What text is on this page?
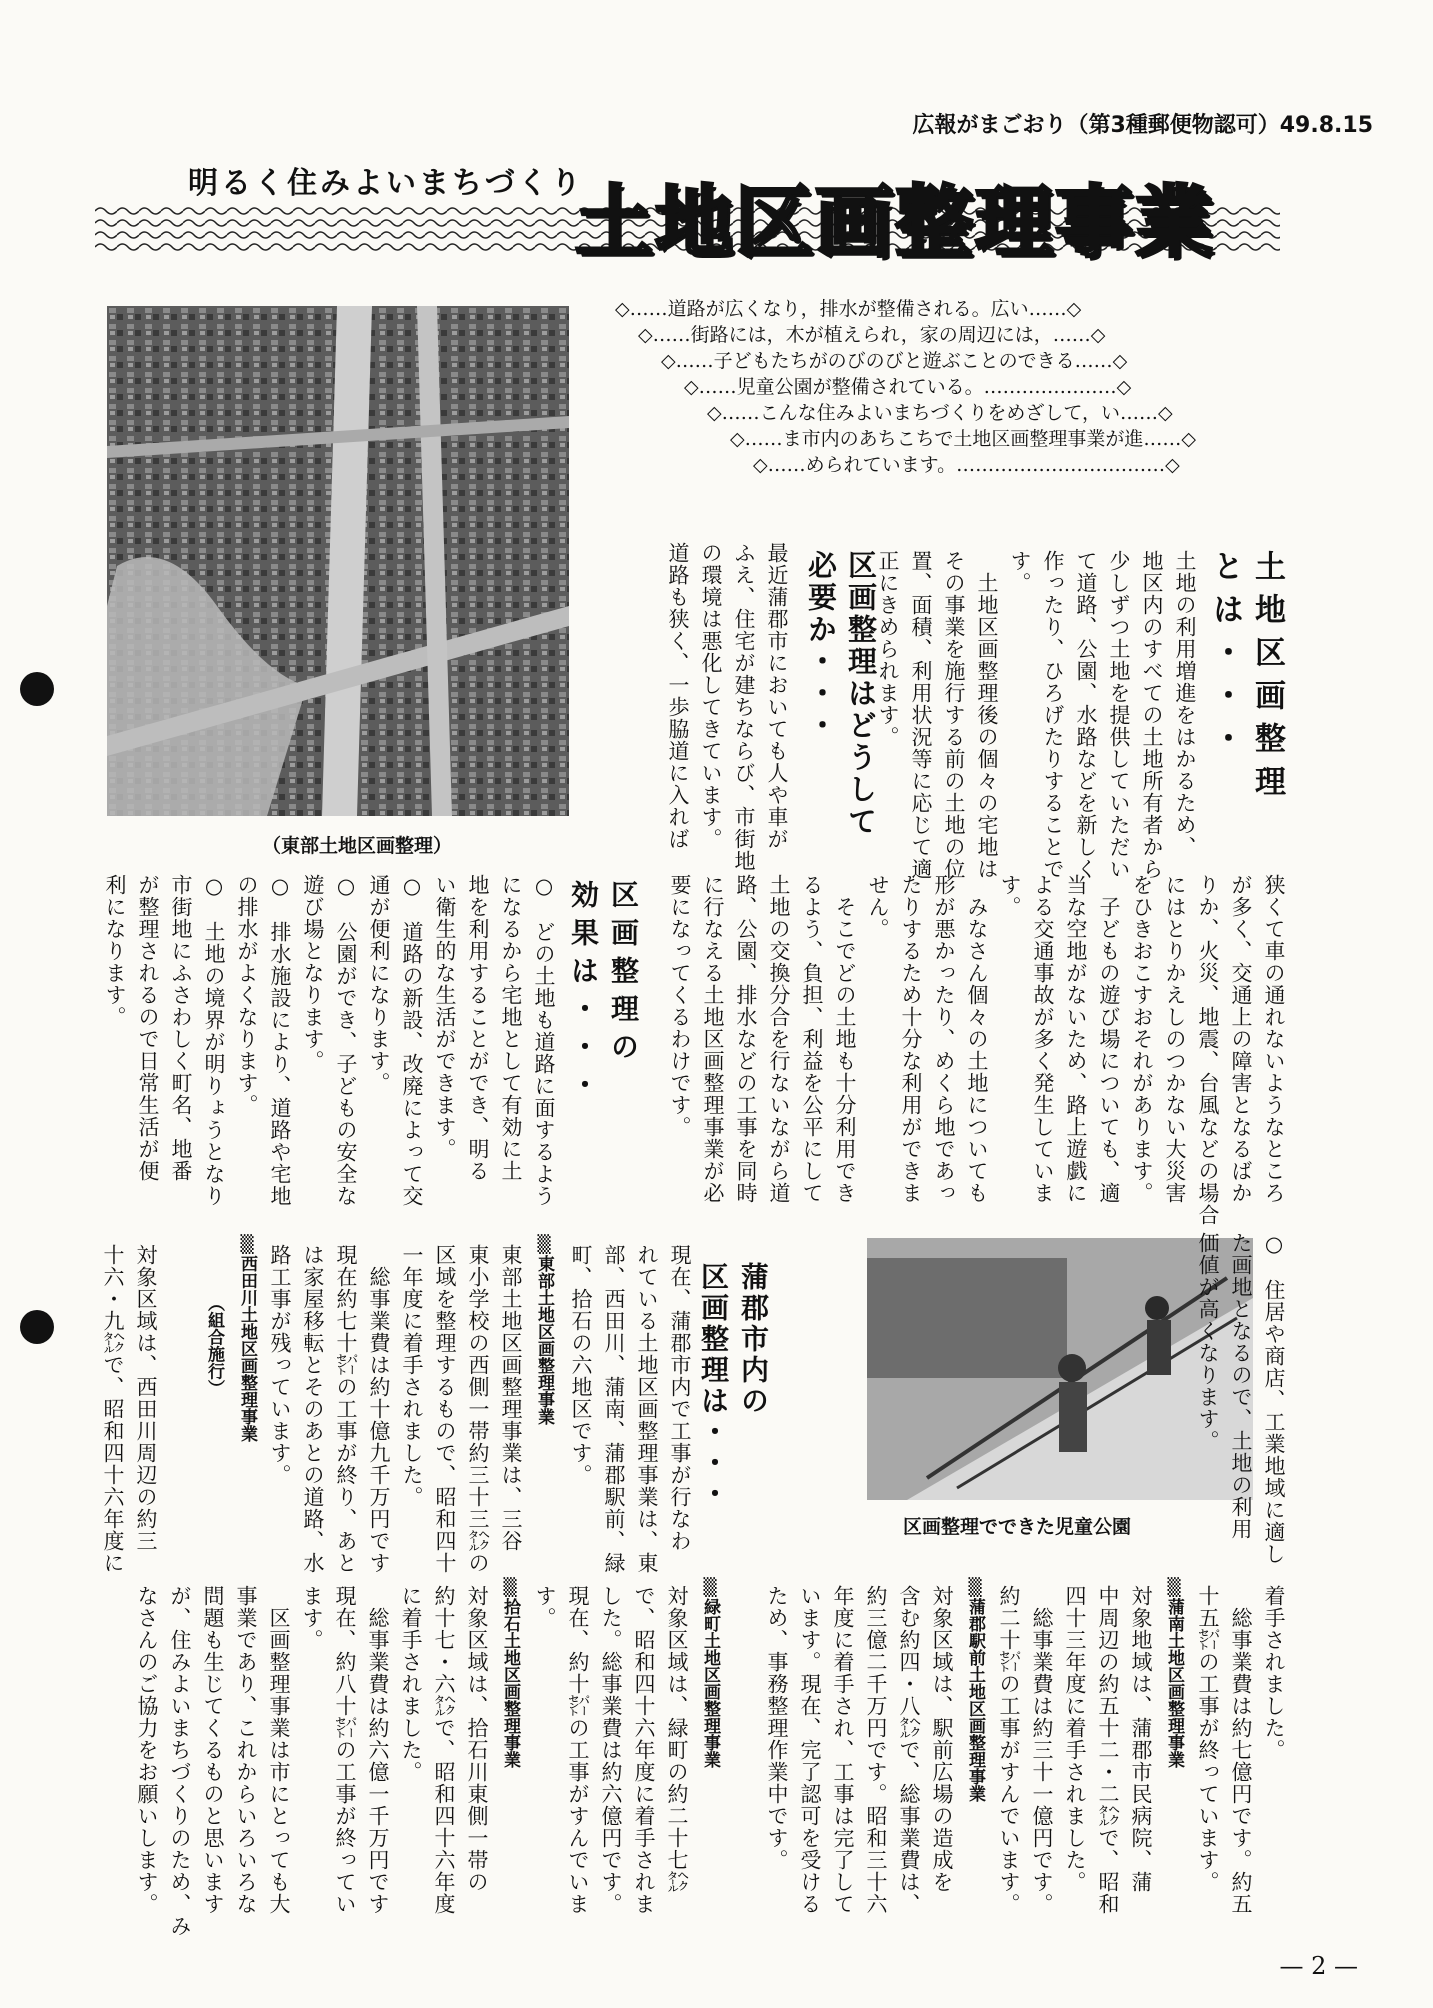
広報がまごおり（第3種郵便物認可）49.8.15
明るく住みよいまちづくり
土地区画整理事業
◇……道路が広くなり，排水が整備される。広い……◇
◇……街路には，木が植えられ，家の周辺には，……◇
◇……子どもたちがのびのびと遊ぶことのできる……◇
◇……児童公園が整備されている。…………………◇
◇……こんな住みよいまちづくりをめざして，い……◇
◇……ま市内のあちこちで土地区画整理事業が進……◇
◇……められています。……………………………◇
（東部土地区画整理）
区画整理でできた児童公園
土地区画整理
とは・・・
土地の利用増進をはかるため、
地区内のすべての土地所有者から
少しずつ土地を提供していただい
て道路、公園、水路などを新しく
作ったり、ひろげたりすることで
す。
　土地区画整理後の個々の宅地は
その事業を施行する前の土地の位
置、面積、利用状況等に応じて適
正にきめられます。
区画整理はどうして
必要か・・・
最近蒲郡市においても人や車が
ふえ、住宅が建ちならび、市街地
の環境は悪化してきています。
道路も狭く、一歩脇道に入れば
狭くて車の通れないようなところ
が多く、交通上の障害となるばか
りか、火災、地震、台風などの場合
にはとりかえしのつかない大災害
をひきおこすおそれがあります。
　子どもの遊び場についても、適
当な空地がないため、路上遊戯に
よる交通事故が多く発生していま
す。
　みなさん個々の土地についても
形が悪かったり、めくら地であっ
たりするため十分な利用ができま
せん。
　そこでどの土地も十分利用でき
るよう、負担、利益を公平にして
土地の交換分合を行ないながら道
路、公園、排水などの工事を同時
に行なえる土地区画整理事業が必
要になってくるわけです。
区画整理の
効果は・・・
○　どの土地も道路に面するよう
になるから宅地として有効に土
地を利用することができ、明る
い衛生的な生活ができます。
○　道路の新設、改廃によって交
通が便利になります。
○　公園ができ、子どもの安全な
遊び場となります。
○　排水施設により、道路や宅地
の排水がよくなります。
○　土地の境界が明りょうとなり
市街地にふさわしく町名、地番
が整理されるので日常生活が便
利になります。
○　住居や商店、工業地域に適し
た画地となるので、土地の利用
価値が高くなります。
蒲郡市内の
区画整理は・・・
現在、蒲郡市内で工事が行なわ
れている土地区画整理事業は、東
部、西田川、蒲南、蒲郡駅前、緑
町、拾石の六地区です。
▒東部土地区画整理事業
東部土地区画整理事業は、三谷
東小学校の西側一帯約三十三㌶の
区域を整理するもので、昭和四十
一年度に着手されました。
　総事業費は約十億九千万円です
現在約七十㌫の工事が終り、あと
は家屋移転とそのあとの道路、水
路工事が残っています。
▒西田川土地区画整理事業
　　　　（組合施行）
対象区域は、西田川周辺の約三
十六・九㌶で、昭和四十六年度に
着手されました。
　総事業費は約七億円です。約五
十五㌫の工事が終っています。
▒蒲南土地区画整理事業
対象地域は、蒲郡市民病院、蒲
中周辺の約五十二・二㌶で、昭和
四十三年度に着手されました。
　総事業費は約三十一億円です。
約二十㌫の工事がすんでいます。
▒蒲郡駅前土地区画整理事業
対象区域は、駅前広場の造成を
含む約四・八㌶で、総事業費は、
約三億二千万円です。昭和三十六
年度に着手され、工事は完了して
います。現在、完了認可を受ける
ため、事務整理作業中です。
▒緑町土地区画整理事業
対象区域は、緑町の約二十七㌶
で、昭和四十六年度に着手されま
した。総事業費は約六億円です。
現在、約十㌫の工事がすんでいま
す。
▒拾石土地区画整理事業
対象区域は、拾石川東側一帯の
約十七・六㌶で、昭和四十六年度
に着手されました。
　総事業費は約六億一千万円です
現在、約八十㌫の工事が終ってい
ます。
　区画整理事業は市にとっても大
事業であり、これからいろいろな
問題も生じてくるものと思います
が、住みよいまちづくりのため、み
なさんのご協力をお願いします。
— 2 —
